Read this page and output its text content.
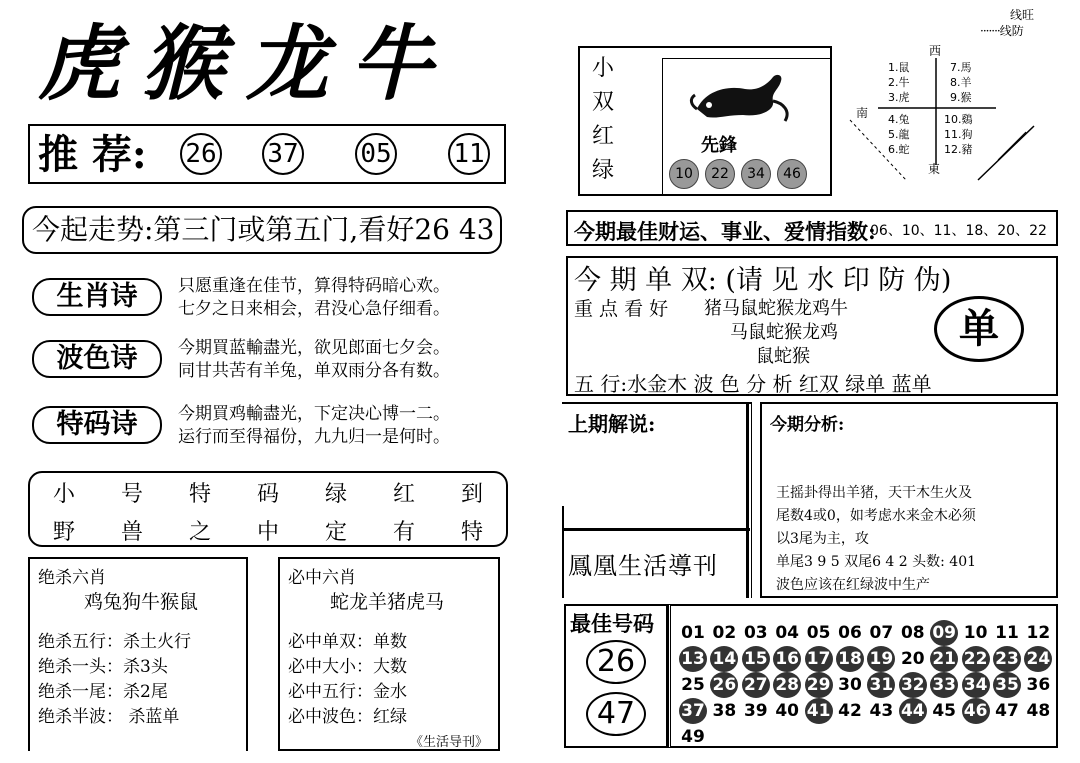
虎猴龙牛
推 荐: 26 37 05 11
今起走势:第三门或第五门,看好26 43
生肖诗	只愿重逢在佳节，算得特码暗心欢。
七夕之日来相会，君没心急仔细看。
波色诗	今期買蓝輸盡光，欲见郎面七夕会。
同甘共苦有羊兔，单双雨分各有数。
特码诗	今期買鸡輸盡光，下定决心博一二。
运行而至得福份，九九归一是何时。
小 号 特 码 绿 红 到
野 兽 之 中 定 有 特
绝杀六肖
鸡兔狗牛猴鼠
绝杀五行：杀土火行
绝杀一头：杀3头
绝杀一尾：杀2尾
绝杀半波： 杀蓝单
必中六肖
蛇龙羊猪虎马
必中单双：单数
必中大小：大数
必中五行：金水
必中波色：红绿
《生活导刊》
线旺
·······线防
小
双
红
绿
先鋒
10	22	34	46
西
南
東
1.鼠
2.牛
3.虎
7.馬
8.羊
9.猴
4.兔
5.龍
6.蛇
10.鷄
11.狗
12.豬
今期最佳财运、事业、爱情指数:
06、10、11、18、20、22
今 期 单 双: (请 见 水 印 防 伪)
重 点 看 好 猪马鼠蛇猴龙鸡牛
马鼠蛇猴龙鸡
鼠蛇猴
单
五 行:水金木 波 色 分 析 红双 绿单 蓝单
上期解说:
鳳凰生活導刊
今期分析:
王摇卦得出羊猪，天干木生火及
尾数4或0，如考虑水来金木必须
以3尾为主，攻
单尾3 9 5 双尾6 4 2 头数: 401
波色应该在红绿波中生产
最佳号码
26
47
01 02 03 04 05 06 07 08 09 10 11 12
13 14 15 16 17 18 19 20 21 22 23 24
25 26 27 28 29 30 31 32 33 34 35 36
37 38 39 40 41 42 43 44 45 46 47 48
49
